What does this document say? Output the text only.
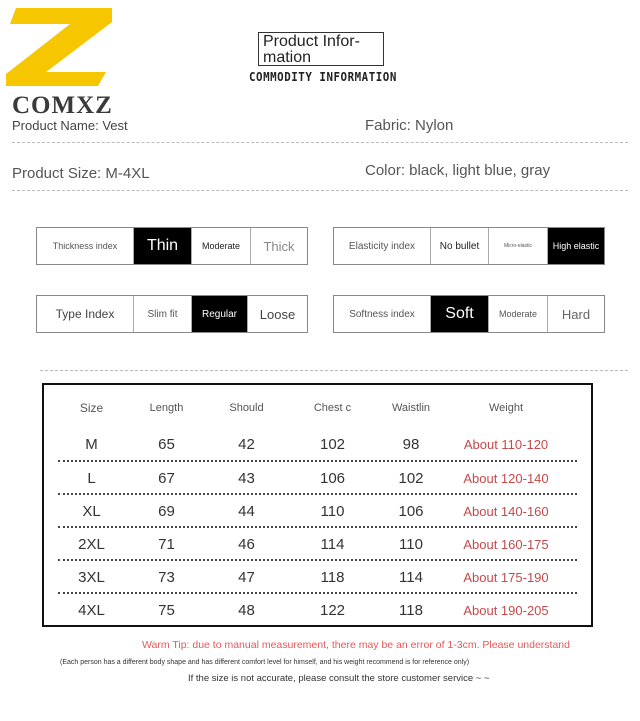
COMXZ
Product Infor- mation
COMMODITY INFORMATION
Product Name: Vest	Fabric: Nylon
Product Size: M-4XL	Color: black, light blue, gray
Thickness index	Thin	Moderate	Thick	Elasticity index	No bullet	Micro-elastic	High elastic
Type Index	Slim fit	Regular	Loose	Softness index	Soft	Moderate	Hard
Size	Length	Should	Chest c	Waistlin	Weight
M	65	42	102	98	About 110-120
L	67	43	106	102	About 120-140
XL	69	44	110	106	About 140-160
2XL	71	46	114	110	About 160-175
3XL	73	47	118	114	About 175-190
4XL	75	48	122	118	About 190-205
Warm Tip: due to manual measurement, there may be an error of 1-3cm. Please understand
(Each person has a different body shape and has different comfort level for himself, and his weight recommend is for reference only)
If the size is not accurate, please consult the store customer service ~ ~
